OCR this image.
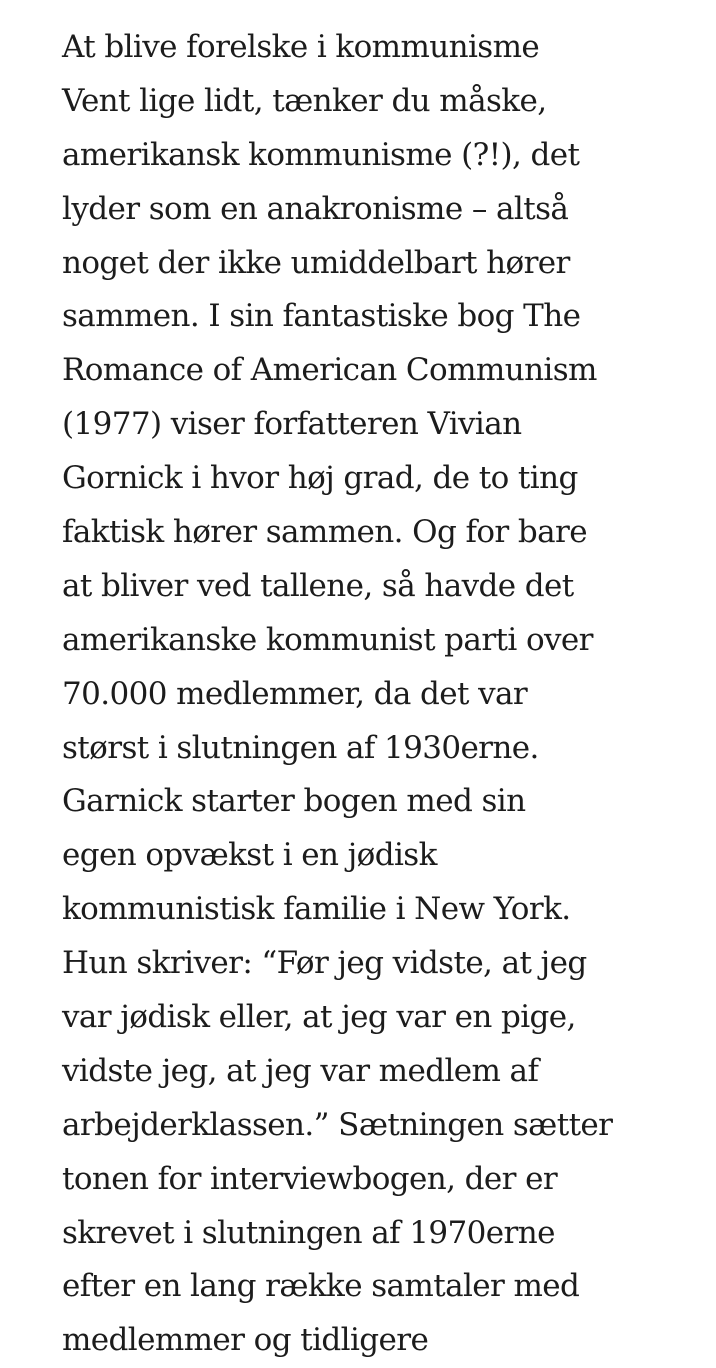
At blive forelske i kommunisme
Vent lige lidt, tænker du måske,
amerikansk kommunisme (?!), det
lyder som en anakronisme – altså
noget der ikke umiddelbart hører
sammen. I sin fantastiske bog The
Romance of American Communism
(1977) viser forfatteren Vivian
Gornick i hvor høj grad, de to ting
faktisk hører sammen. Og for bare
at bliver ved tallene, så havde det
amerikanske kommunist parti over
70.000 medlemmer, da det var
størst i slutningen af 1930erne.
Garnick starter bogen med sin
egen opvækst i en jødisk
kommunistisk familie i New York.
Hun skriver: “Før jeg vidste, at jeg
var jødisk eller, at jeg var en pige,
vidste jeg, at jeg var medlem af
arbejderklassen.” Sætningen sætter
tonen for interviewbogen, der er
skrevet i slutningen af 1970erne
efter en lang række samtaler med
medlemmer og tidligere
